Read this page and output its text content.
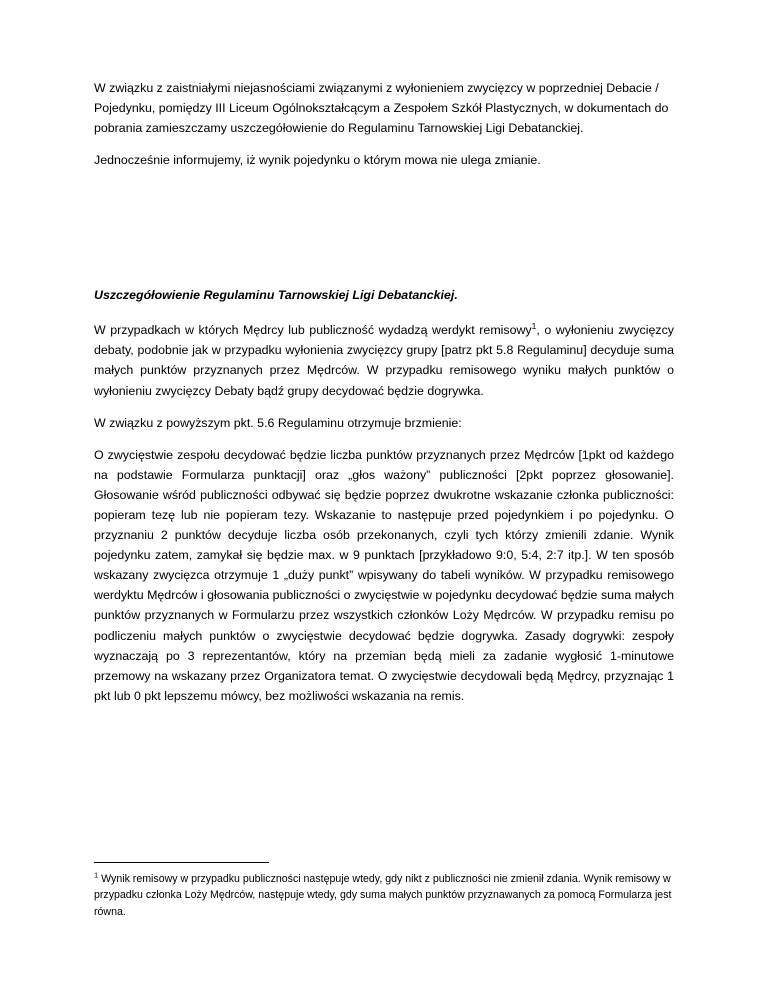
W związku z zaistniałymi niejasnościami związanymi z wyłonieniem zwycięzcy w poprzedniej Debacie / Pojedynku, pomiędzy III Liceum Ogólnokształcącym a Zespołem Szkół Plastycznych, w dokumentach do pobrania zamieszczamy uszczegółowienie do Regulaminu Tarnowskiej Ligi Debatanckiej.

Jednocześnie informujemy, iż wynik pojedynku o którym mowa nie ulega zmianie.

Uszczegółowienie Regulaminu Tarnowskiej Ligi Debatanckiej.

W przypadkach w których Mędrcy lub publiczność wydadzą werdykt remisowy$^1$, o wyłonieniu zwycięzcy debaty, podobnie jak w przypadku wyłonienia zwycięzcy grupy [patrz pkt 5.8 Regulaminu] decyduje suma małych punktów przyznanych przez Mędrców. W przypadku remisowego wyniku małych punktów o wyłonieniu zwycięzcy Debaty bądź grupy decydować będzie dogrywka.

W związku z powyższym pkt. 5.6 Regulaminu otrzymuje brzmienie:

O zwycięstwie zespołu decydować będzie liczba punktów przyznanych przez Mędrców [1pkt od każdego na podstawie Formularza punktacji] oraz „głos ważony” publiczności [2pkt poprzez głosowanie]. Głosowanie wśród publiczności odbywać się będzie poprzez dwukrotne wskazanie członka publiczności: popieram tezę lub nie popieram tezy. Wskazanie to następuje przed pojedynkiem i po pojedynku. O przyznaniu 2 punktów decyduje liczba osób przekonanych, czyli tych którzy zmienili zdanie. Wynik pojedynku zatem, zamykał się będzie max. w 9 punktach [przykładowo 9:0, 5:4, 2:7 itp.]. W ten sposób wskazany zwycięzca otrzymuje 1 „duży punkt” wpisywany do tabeli wyników. W przypadku remisowego werdyktu Mędrców i głosowania publiczności o zwycięstwie w pojedynku decydować będzie suma małych punktów przyznanych w Formularzu przez wszystkich członków Loży Mędrców. W przypadku remisu po podliczeniu małych punktów o zwycięstwie decydować będzie dogrywka. Zasady dogrywki: zespoły wyznaczają po 3 reprezentantów, który na przemian będą mieli za zadanie wygłosić 1-minutowe przemowy na wskazany przez Organizatora temat. O zwycięstwie decydowali będą Mędrcy, przyznając 1 pkt lub 0 pkt lepszemu mówcy, bez możliwości wskazania na remis.

$^1$ Wynik remisowy w przypadku publiczności następuje wtedy, gdy nikt z publiczności nie zmienił zdania. Wynik remisowy w przypadku członka Loży Mędrców, następuje wtedy, gdy suma małych punktów przyznawanych za pomocą Formularza jest równa.
